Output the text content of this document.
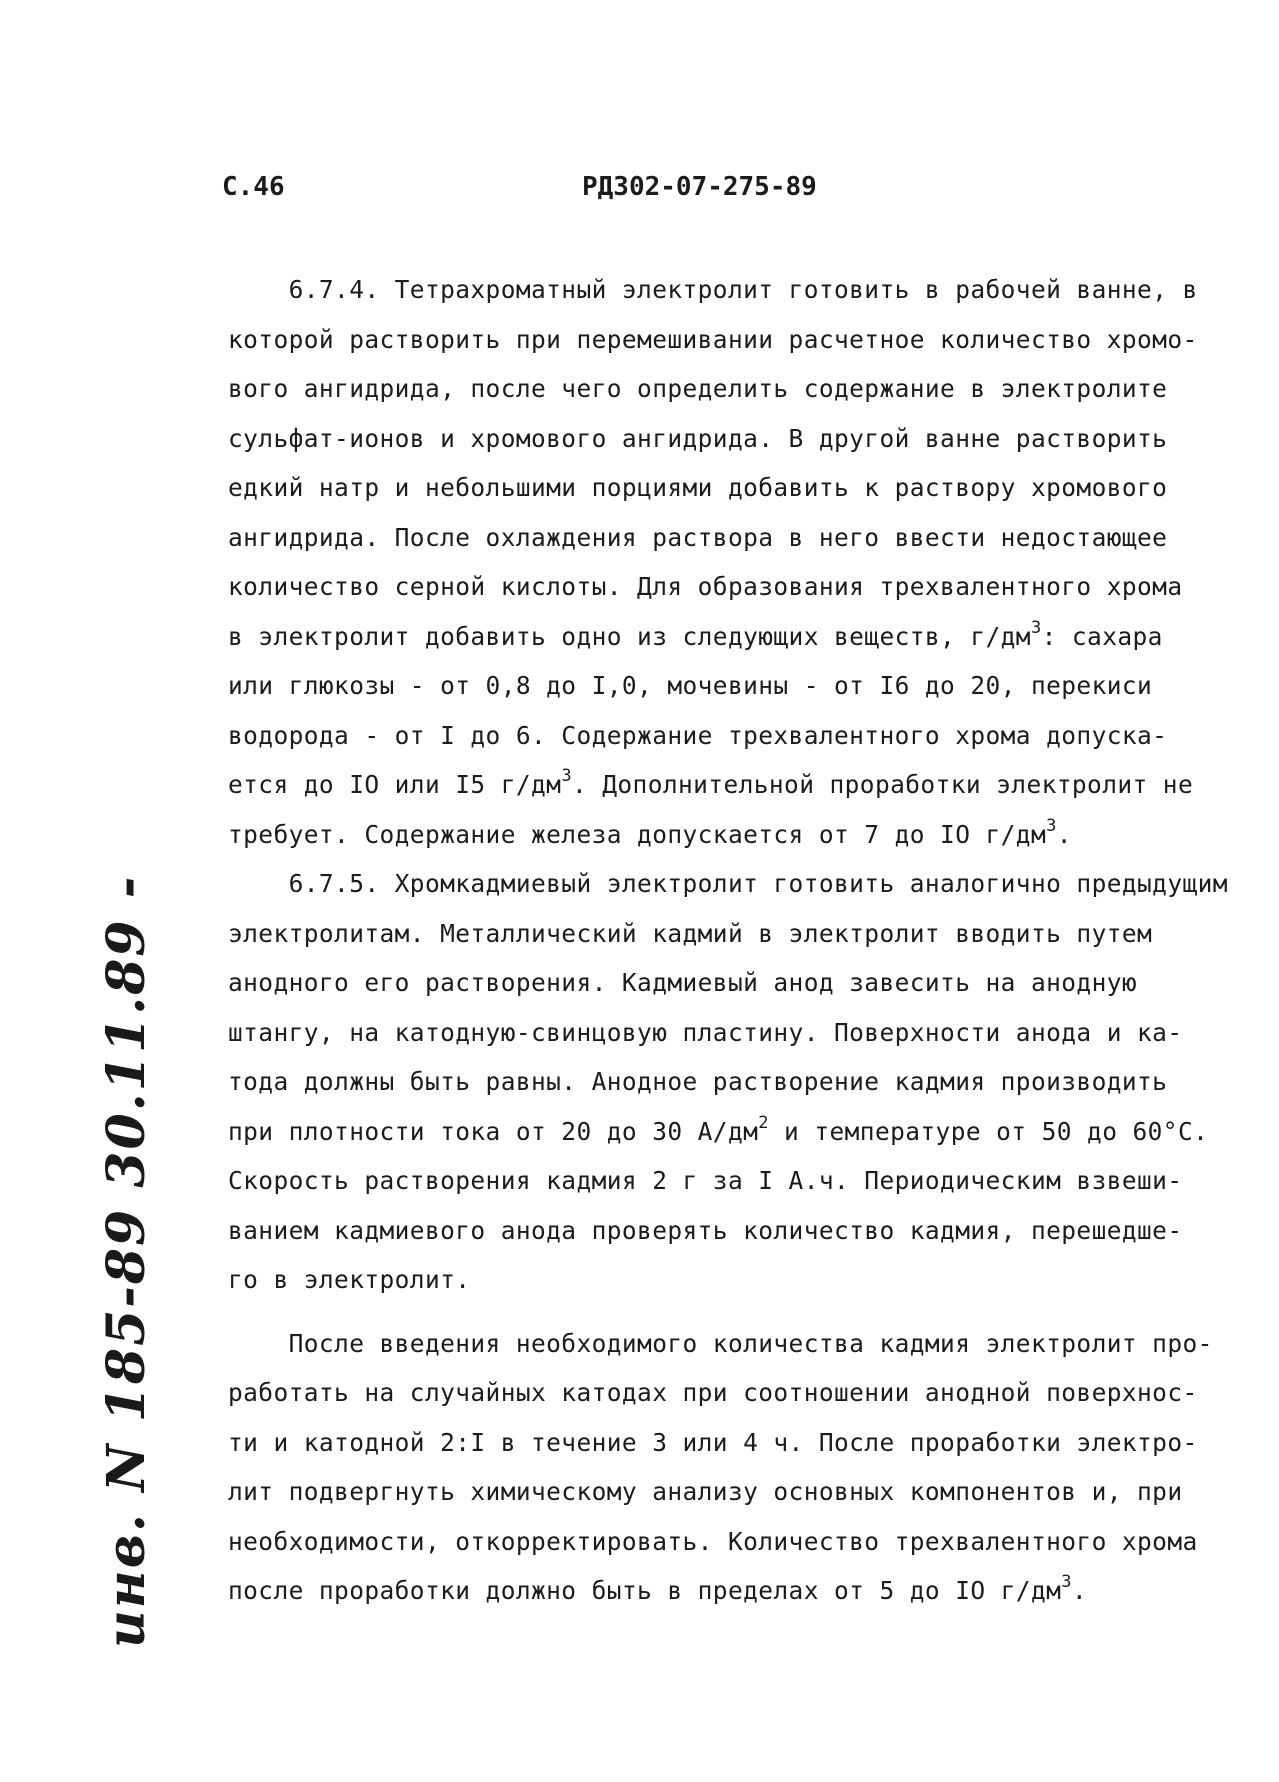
С.46	РД302-07-275-89
6.7.4. Тетрахроматный электролит готовить в рабочей ванне, в
которой растворить при перемешивании расчетное количество хромо-
вого ангидрида, после чего определить содержание в электролите
сульфат-ионов и хромового ангидрида. В другой ванне растворить
едкий натр и небольшими порциями добавить к раствору хромового
ангидрида. После охлаждения раствора в него ввести недостающее
количество серной кислоты. Для образования трехвалентного хрома
в электролит добавить одно из следующих веществ, $г/дм^3$: сахара
или глюкозы - от 0,8 до I,0, мочевины - от I6 до 20, перекиси
водорода - от I до 6. Содержание трехвалентного хрома допуска-
ется до IO или I5 $г/дм^3$. Дополнительной проработки электролит не
требует. Содержание железа допускается от 7 до IO $г/дм^3$.
6.7.5. Хромкадмиевый электролит готовить аналогично предыдущим
электролитам. Металлический кадмий в электролит вводить путем
анодного его растворения. Кадмиевый анод завесить на анодную
штангу, на катодную-свинцовую пластину. Поверхности анода и ка-
тода должны быть равны. Анодное растворение кадмия производить
при плотности тока от 20 до 30 $А/дм^2$ и температуре от 50 до 60°С.
Скорость растворения кадмия 2 г за I А.ч. Периодическим взвеши-
ванием кадмиевого анода проверять количество кадмия, перешедше-
го в электролит.
После введения необходимого количества кадмия электролит про-
работать на случайных катодах при соотношении анодной поверхнос-
ти и катодной 2:I в течение 3 или 4 ч. После проработки электро-
лит подвергнуть химическому анализу основных компонентов и, при
необходимости, откорректировать. Количество трехвалентного хрома
после проработки должно быть в пределах от 5 до IO $г/дм^3$.
инв. N 185-89 30.11.89 -
